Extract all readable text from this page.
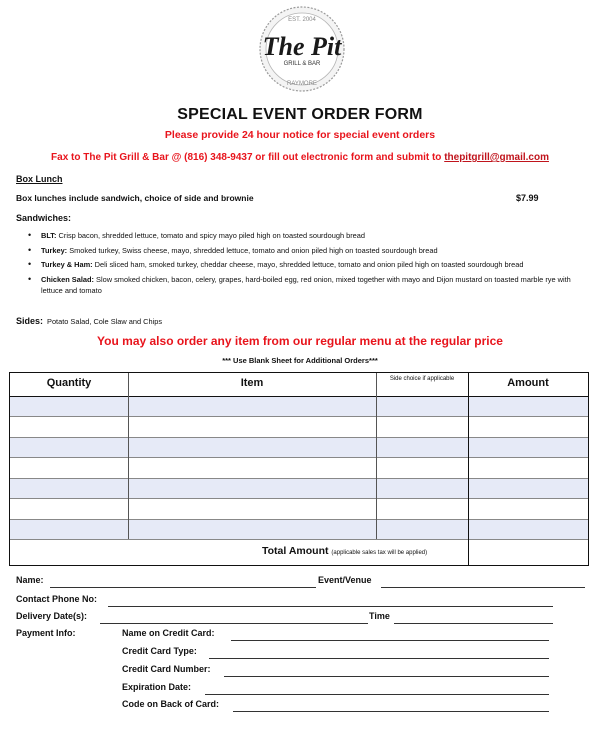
EST. 2004
The Pit
GRILL & BAR
RAYMORE
SPECIAL EVENT ORDER FORM
Please provide 24 hour notice for special event orders
Fax to The Pit Grill & Bar @ (816) 348-9437 or fill out electronic form and submit to thepitgrill@gmail.com
Box Lunch
Box lunches include sandwich, choice of side and brownie	$7.99
Sandwiches:
• BLT: Crisp bacon, shredded lettuce, tomato and spicy mayo piled high on toasted sourdough bread
• Turkey: Smoked turkey, Swiss cheese, mayo, shredded lettuce, tomato and onion piled high on toasted sourdough bread
• Turkey & Ham: Deli sliced ham, smoked turkey, cheddar cheese, mayo, shredded lettuce, tomato and onion piled high on toasted sourdough bread
• Chicken Salad: Slow smoked chicken, bacon, celery, grapes, hard-boiled egg, red onion, mixed together with mayo and Dijon mustard on toasted marble rye with lettuce and tomato
Sides: Potato Salad, Cole Slaw and Chips
You may also order any item from our regular menu at the regular price
*** Use Blank Sheet for Additional Orders***
Quantity	Item	Side choice if applicable	Amount
Total Amount (applicable sales tax will be applied)
Name:	Event/Venue
Contact Phone No:
Delivery Date(s):	Time
Payment Info:	Name on Credit Card:
Credit Card Type:
Credit Card Number:
Expiration Date:
Code on Back of Card:
